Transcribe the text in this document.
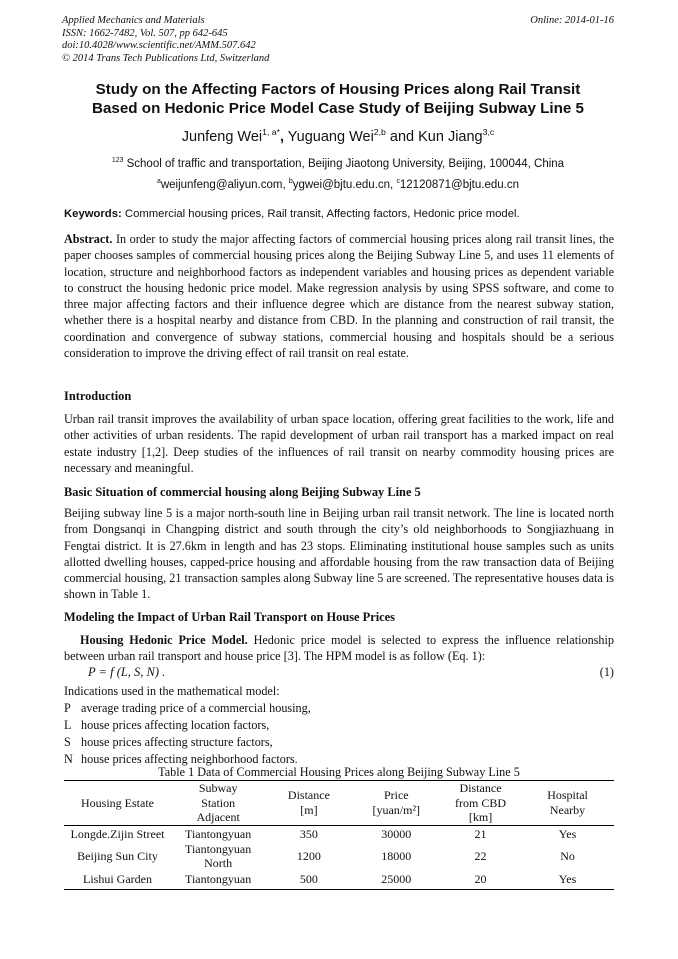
Applied Mechanics and Materials
ISSN: 1662-7482, Vol. 507, pp 642-645
doi:10.4028/www.scientific.net/AMM.507.642
© 2014 Trans Tech Publications Ltd, Switzerland
Online: 2014-01-16
Study on the Affecting Factors of Housing Prices along Rail Transit
Based on Hedonic Price Model Case Study of Beijing Subway Line 5
Junfeng Wei$^{1, a*}$, Yuguang Wei$^{2,b}$ and Kun Jiang$^{3,c}$
$^{123}$ School of traffic and transportation, Beijing Jiaotong University, Beijing, 100044, China
$^a$weijunfeng@aliyun.com, $^b$ygwei@bjtu.edu.cn, $^c$12120871@bjtu.edu.cn
Keywords: Commercial housing prices, Rail transit, Affecting factors, Hedonic price model.
Abstract. In order to study the major affecting factors of commercial housing prices along rail transit lines, the paper chooses samples of commercial housing prices along the Beijing Subway Line 5, and uses 11 elements of location, structure and neighborhood factors as independent variables and housing prices as dependent variable to construct the housing hedonic price model. Make regression analysis by using SPSS software, and come to three major affecting factors and their influence degree which are distance from the nearest subway station, whether there is a hospital nearby and distance from CBD. In the planning and construction of rail transit, the coordination and convergence of subway stations, commercial housing and hospitals should be a serious consideration to improve the driving effect of rail transit on real estate.
Introduction
Urban rail transit improves the availability of urban space location, offering great facilities to the work, life and other activities of urban residents. The rapid development of urban rail transport has a marked impact on real estate industry [1,2]. Deep studies of the influences of rail transit on nearby commodity housing prices are necessary and meaningful.
Basic Situation of commercial housing along Beijing Subway Line 5
Beijing subway line 5 is a major north-south line in Beijing urban rail transit network. The line is located north from Dongsanqi in Changping district and south through the city’s old neighborhoods to Songjiazhuang in Fengtai district. It is 27.6km in length and has 23 stops. Eliminating institutional house samples such as units allotted dwelling houses, capped-price housing and affordable housing from the raw transaction data of Beijing commercial housing, 21 transaction samples along Subway line 5 are screened. The representative houses data is shown in Table 1.
Modeling the Impact of Urban Rail Transport on House Prices
Housing Hedonic Price Model. Hedonic price model is selected to express the influence relationship between urban rail transport and house price [3]. The HPM model is as follow (Eq. 1):
P = f (L, S, N) .	(1)
Indications used in the mathematical model:
P average trading price of a commercial housing,
L house prices affecting location factors,
S house prices affecting structure factors,
N house prices affecting neighborhood factors.
Table 1 Data of Commercial Housing Prices along Beijing Subway Line 5
Housing Estate	Subway Station Adjacent	Distance [m]	Price [yuan/m²]	Distance from CBD [km]	Hospital Nearby
Longde.Zijin Street	Tiantongyuan	350	30000	21	Yes
Beijing Sun City	Tiantongyuan North	1200	18000	22	No
Lishui Garden	Tiantongyuan	500	25000	20	Yes
